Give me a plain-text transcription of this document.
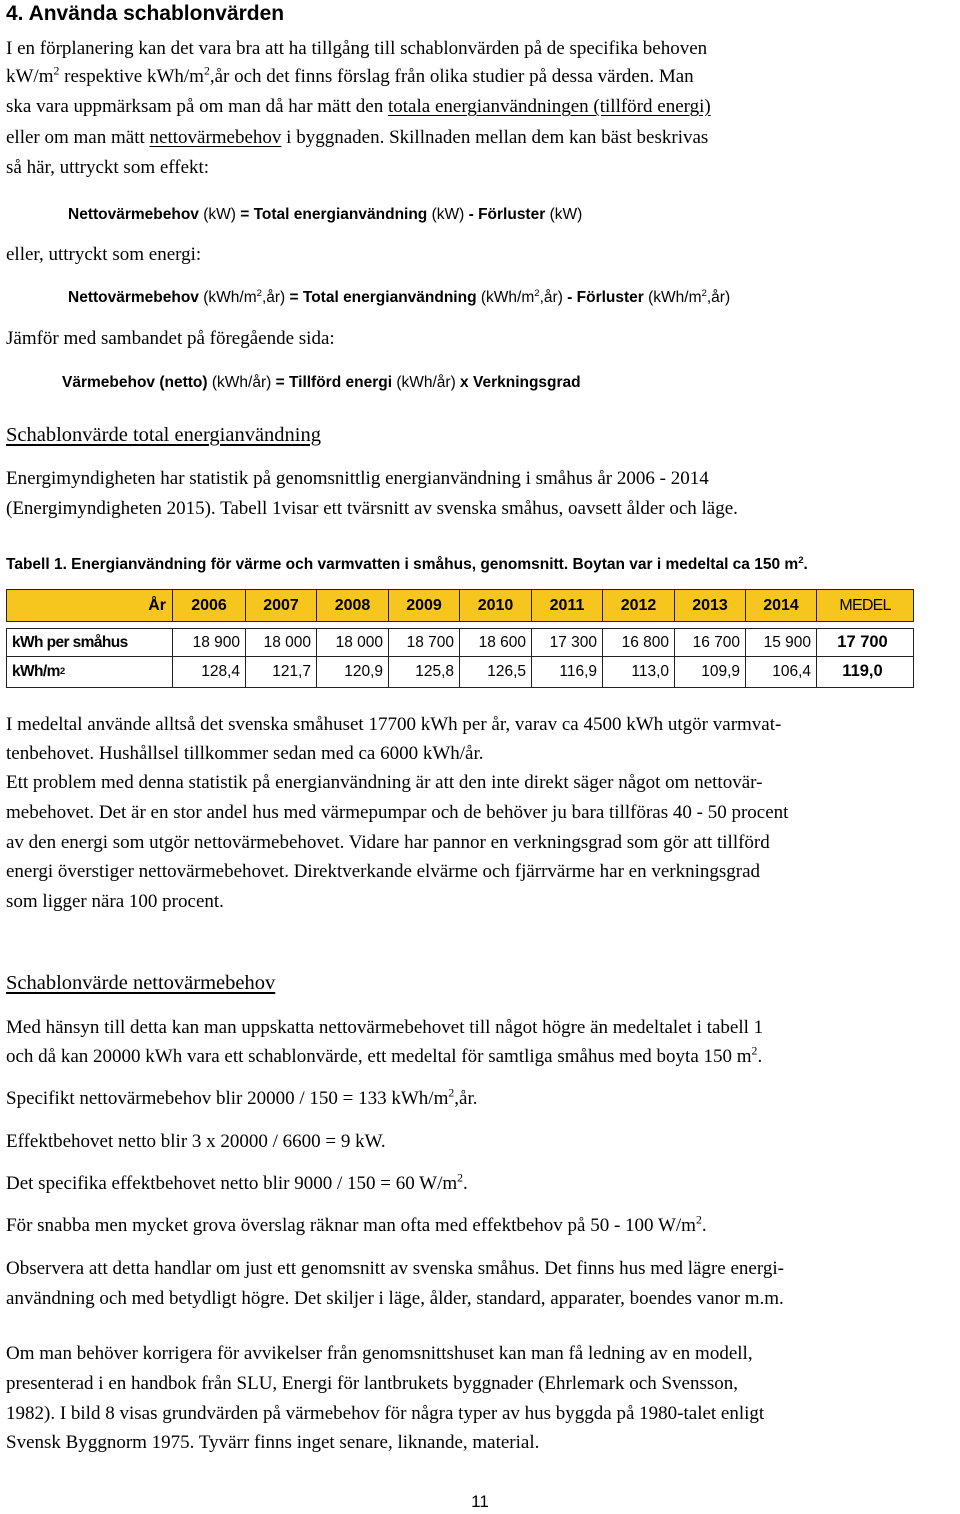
4. Använda schablonvärden
I en förplanering kan det vara bra att ha tillgång till schablonvärden på de specifika behoven
$kW/m^2$ respektive kWh/$m^2,år$ och det finns förslag från olika studier på dessa värden. Man
ska vara uppmärksam på om man då har mätt den totala energianvändningen (tillförd energi)
eller om man mätt nettovärmebehov i byggnaden. Skillnaden mellan dem kan bäst beskrivas
så här, uttryckt som effekt:
Nettovärmebehov (kW) = Total energianvändning (kW) - Förluster (kW)
eller, uttryckt som energi:
Nettovärmebehov $(kWh/m^2,år)$ = Total energianvändning $(kWh/m^2,år)$ - Förluster $(kWh/m^2,år)$
Jämför med sambandet på föregående sida:
Värmebehov (netto) (kWh/år) = Tillförd energi (kWh/år) x Verkningsgrad
Schablonvärde total energianvändning
Energimyndigheten har statistik på genomsnittlig energianvändning i småhus år 2006 - 2014
(Energimyndigheten 2015). Tabell 1visar ett tvärsnitt av svenska småhus, oavsett ålder och läge.
Tabell 1. Energianvändning för värme och varmvatten i småhus, genomsnitt. Boytan var i medeltal ca 150 $m^2$.
År	2006	2007	2008	2009	2010	2011	2012	2013	2014	MEDEL
kWh per småhus	18 900	18 000	18 000	18 700	18 600	17 300	16 800	16 700	15 900	17 700
kWh/m 2	128,4	121,7	120,9	125,8	126,5	116,9	113,0	109,9	106,4	119,0
I medeltal använde alltså det svenska småhuset 17700 kWh per år, varav ca 4500 kWh utgör varmvat-
tenbehovet. Hushållsel tillkommer sedan med ca 6000 kWh/år.
Ett problem med denna statistik på energianvändning är att den inte direkt säger något om nettovär-
mebehovet. Det är en stor andel hus med värmepumpar och de behöver ju bara tillföras 40 - 50 procent
av den energi som utgör nettovärmebehovet. Vidare har pannor en verkningsgrad som gör att tillförd
energi överstiger nettovärmebehovet. Direktverkande elvärme och fjärrvärme har en verkningsgrad
som ligger nära 100 procent.
Schablonvärde nettovärmebehov
Med hänsyn till detta kan man uppskatta nettovärmebehovet till något högre än medeltalet i tabell 1
och då kan 20000 kWh vara ett schablonvärde, ett medeltal för samtliga småhus med boyta 150 $m^2$.
Specifikt nettovärmebehov blir 20000 / 150 = 133 kWh/$m^2,år$.
Effektbehovet netto blir 3 x 20000 / 6600 = 9 kW.
Det specifika effektbehovet netto blir 9000 / 150 = 60 $W/m^2$.
För snabba men mycket grova överslag räknar man ofta med effektbehov på 50 - 100 $W/m^2$.
Observera att detta handlar om just ett genomsnitt av svenska småhus. Det finns hus med lägre energi-
användning och med betydligt högre. Det skiljer i läge, ålder, standard, apparater, boendes vanor m.m.
Om man behöver korrigera för avvikelser från genomsnittshuset kan man få ledning av en modell,
presenterad i en handbok från SLU, Energi för lantbrukets byggnader (Ehrlemark och Svensson,
1982). I bild 8 visas grundvärden på värmebehov för några typer av hus byggda på 1980-talet enligt
Svensk Byggnorm 1975. Tyvärr finns inget senare, liknande, material.
11
